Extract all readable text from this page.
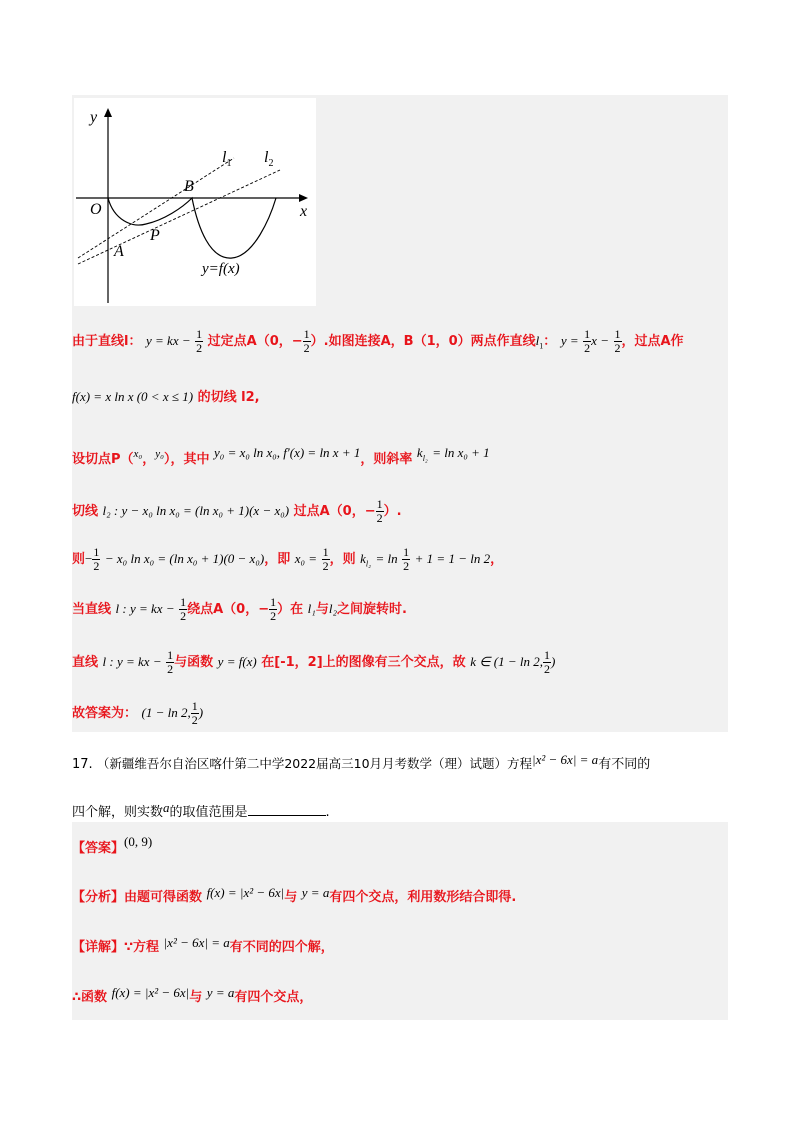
y
x
O
$l_1$ $l_2$
B
P
A
y=f(x)
由于直线l： y = kx − $\frac{1}{2}$ 过定点A（0，− $\frac{1}{2}$ ）.如图连接A，B（1，0）两点作直线$l_1$： $y = \frac{1}{2}$ $x - \frac{1}{2}$ ，过点A作
f(x) = x ln x (0 < x ≤ 1) 的切线 l2,
设切点P（$^{x_0}$，$^{y_0}$），其中 y₀ = x₀ ln x₀, f′(x) = ln x + 1，则斜率 $k_{l_2} = \ln x_0 + 1$
切线 l₂ : y − x₀ ln x₀ = (ln x₀ + 1)(x − x₀) 过点A（0，− $\frac{1}{2}$ ）.
则− $\frac{1}{2} - x_0$ ln x₀ = (ln x₀ + 1)(0 − x₀)，即 $x_0 = \frac{1}{2}$ ，则 $k_{l_2} = \ln \frac{1}{2} + 1 = 1 - \ln 2$，
当直线 l : y = kx − $\frac{1}{2}$ 绕点A（0，− $\frac{1}{2}$ ）在 l₁与l₂之间旋转时.
直线 l : y = kx − $\frac{1}{2}$ 与函数 y = f(x) 在[-1，2]上的图像有三个交点，故 k ∈ (1 − ln 2, $\frac{1}{2}$ )
故答案为： (1 − ln 2, $\frac{1}{2}$ )
17. （新疆维吾尔自治区喀什第二中学2022届高三10月月考数学（理）试题）方程|x² − 6x| = a有不同的
四个解，则实数a的取值范围是	.
【答案】(0, 9)
【分析】由题可得函数 f(x) = |x² − 6x|与 y = a有四个交点，利用数形结合即得.
【详解】∵方程 |x² − 6x| = a有不同的四个解，
∴函数 f(x) = |x² − 6x|与 y = a有四个交点，
